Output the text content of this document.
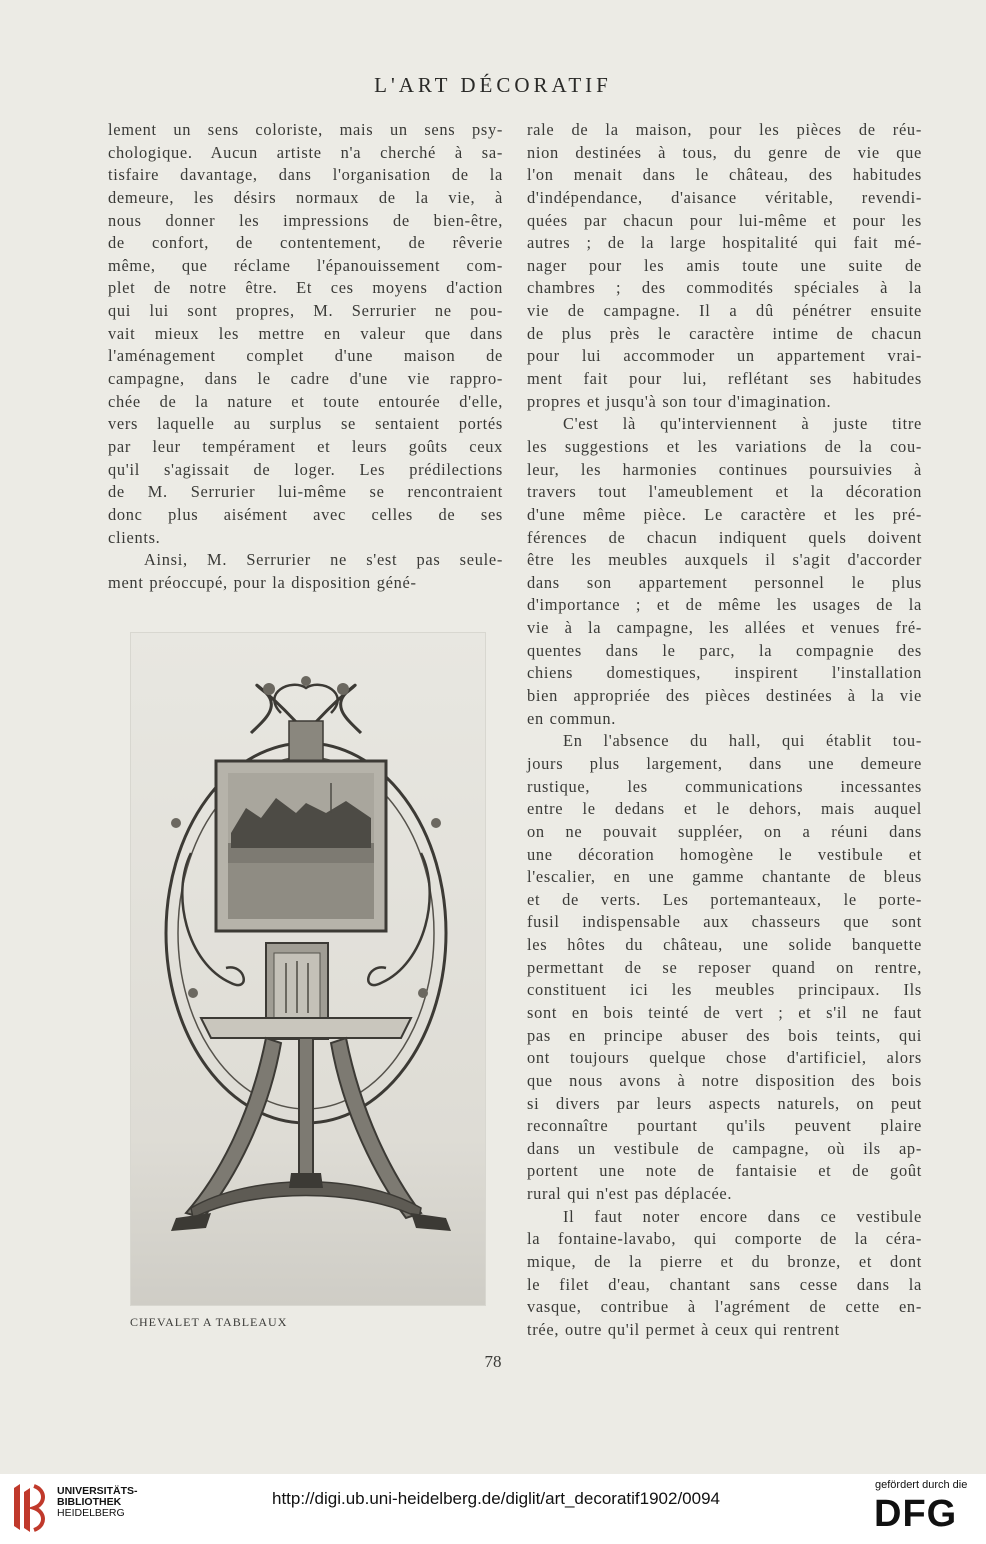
L'ART DÉCORATIF
lement un sens coloriste, mais un sens psy-
chologique. Aucun artiste n'a cherché à sa-
tisfaire davantage, dans l'organisation de la
demeure, les désirs normaux de la vie, à
nous donner les impressions de bien-être,
de confort, de contentement, de rêverie
même, que réclame l'épanouissement com-
plet de notre être. Et ces moyens d'action
qui lui sont propres, M. Serrurier ne pou-
vait mieux les mettre en valeur que dans
l'aménagement complet d'une maison de
campagne, dans le cadre d'une vie rappro-
chée de la nature et toute entourée d'elle,
vers laquelle au surplus se sentaient portés
par leur tempérament et leurs goûts ceux
qu'il s'agissait de loger. Les prédilections
de M. Serrurier lui-même se rencontraient
donc plus aisément avec celles de ses
clients.
Ainsi, M. Serrurier ne s'est pas seule-
ment préoccupé, pour la disposition géné-
rale de la maison, pour les pièces de réu-
nion destinées à tous, du genre de vie que
l'on menait dans le château, des habitudes
d'indépendance, d'aisance véritable, revendi-
quées par chacun pour lui-même et pour les
autres ; de la large hospitalité qui fait mé-
nager pour les amis toute une suite de
chambres ; des commodités spéciales à la
vie de campagne. Il a dû pénétrer ensuite
de plus près le caractère intime de chacun
pour lui accommoder un appartement vrai-
ment fait pour lui, reflétant ses habitudes
propres et jusqu'à son tour d'imagination.
C'est là qu'interviennent à juste titre
les suggestions et les variations de la cou-
leur, les harmonies continues poursuivies à
travers tout l'ameublement et la décoration
d'une même pièce. Le caractère et les pré-
férences de chacun indiquent quels doivent
être les meubles auxquels il s'agit d'accorder
dans son appartement personnel le plus
d'importance ; et de même les usages de la
vie à la campagne, les allées et venues fré-
quentes dans le parc, la compagnie des
chiens domestiques, inspirent l'installation
bien appropriée des pièces destinées à la vie
en commun.
En l'absence du hall, qui établit tou-
jours plus largement, dans une demeure
rustique, les communications incessantes
entre le dedans et le dehors, mais auquel
on ne pouvait suppléer, on a réuni dans
une décoration homogène le vestibule et
l'escalier, en une gamme chantante de bleus
et de verts. Les portemanteaux, le porte-
fusil indispensable aux chasseurs que sont
les hôtes du château, une solide banquette
permettant de se reposer quand on rentre,
constituent ici les meubles principaux. Ils
sont en bois teinté de vert ; et s'il ne faut
pas en principe abuser des bois teints, qui
ont toujours quelque chose d'artificiel, alors
que nous avons à notre disposition des bois
si divers par leurs aspects naturels, on peut
reconnaître pourtant qu'ils peuvent plaire
dans un vestibule de campagne, où ils ap-
portent une note de fantaisie et de goût
rural qui n'est pas déplacée.
Il faut noter encore dans ce vestibule
la fontaine-lavabo, qui comporte de la céra-
mique, de la pierre et du bronze, et dont
le filet d'eau, chantant sans cesse dans la
vasque, contribue à l'agrément de cette en-
trée, outre qu'il permet à ceux qui rentrent
CHEVALET A TABLEAUX
78
UNIVERSITÄTS-
BIBLIOTHEK
HEIDELBERG
http://digi.ub.uni-heidelberg.de/diglit/art_decoratif1902/0094
gefördert durch die
DFG
